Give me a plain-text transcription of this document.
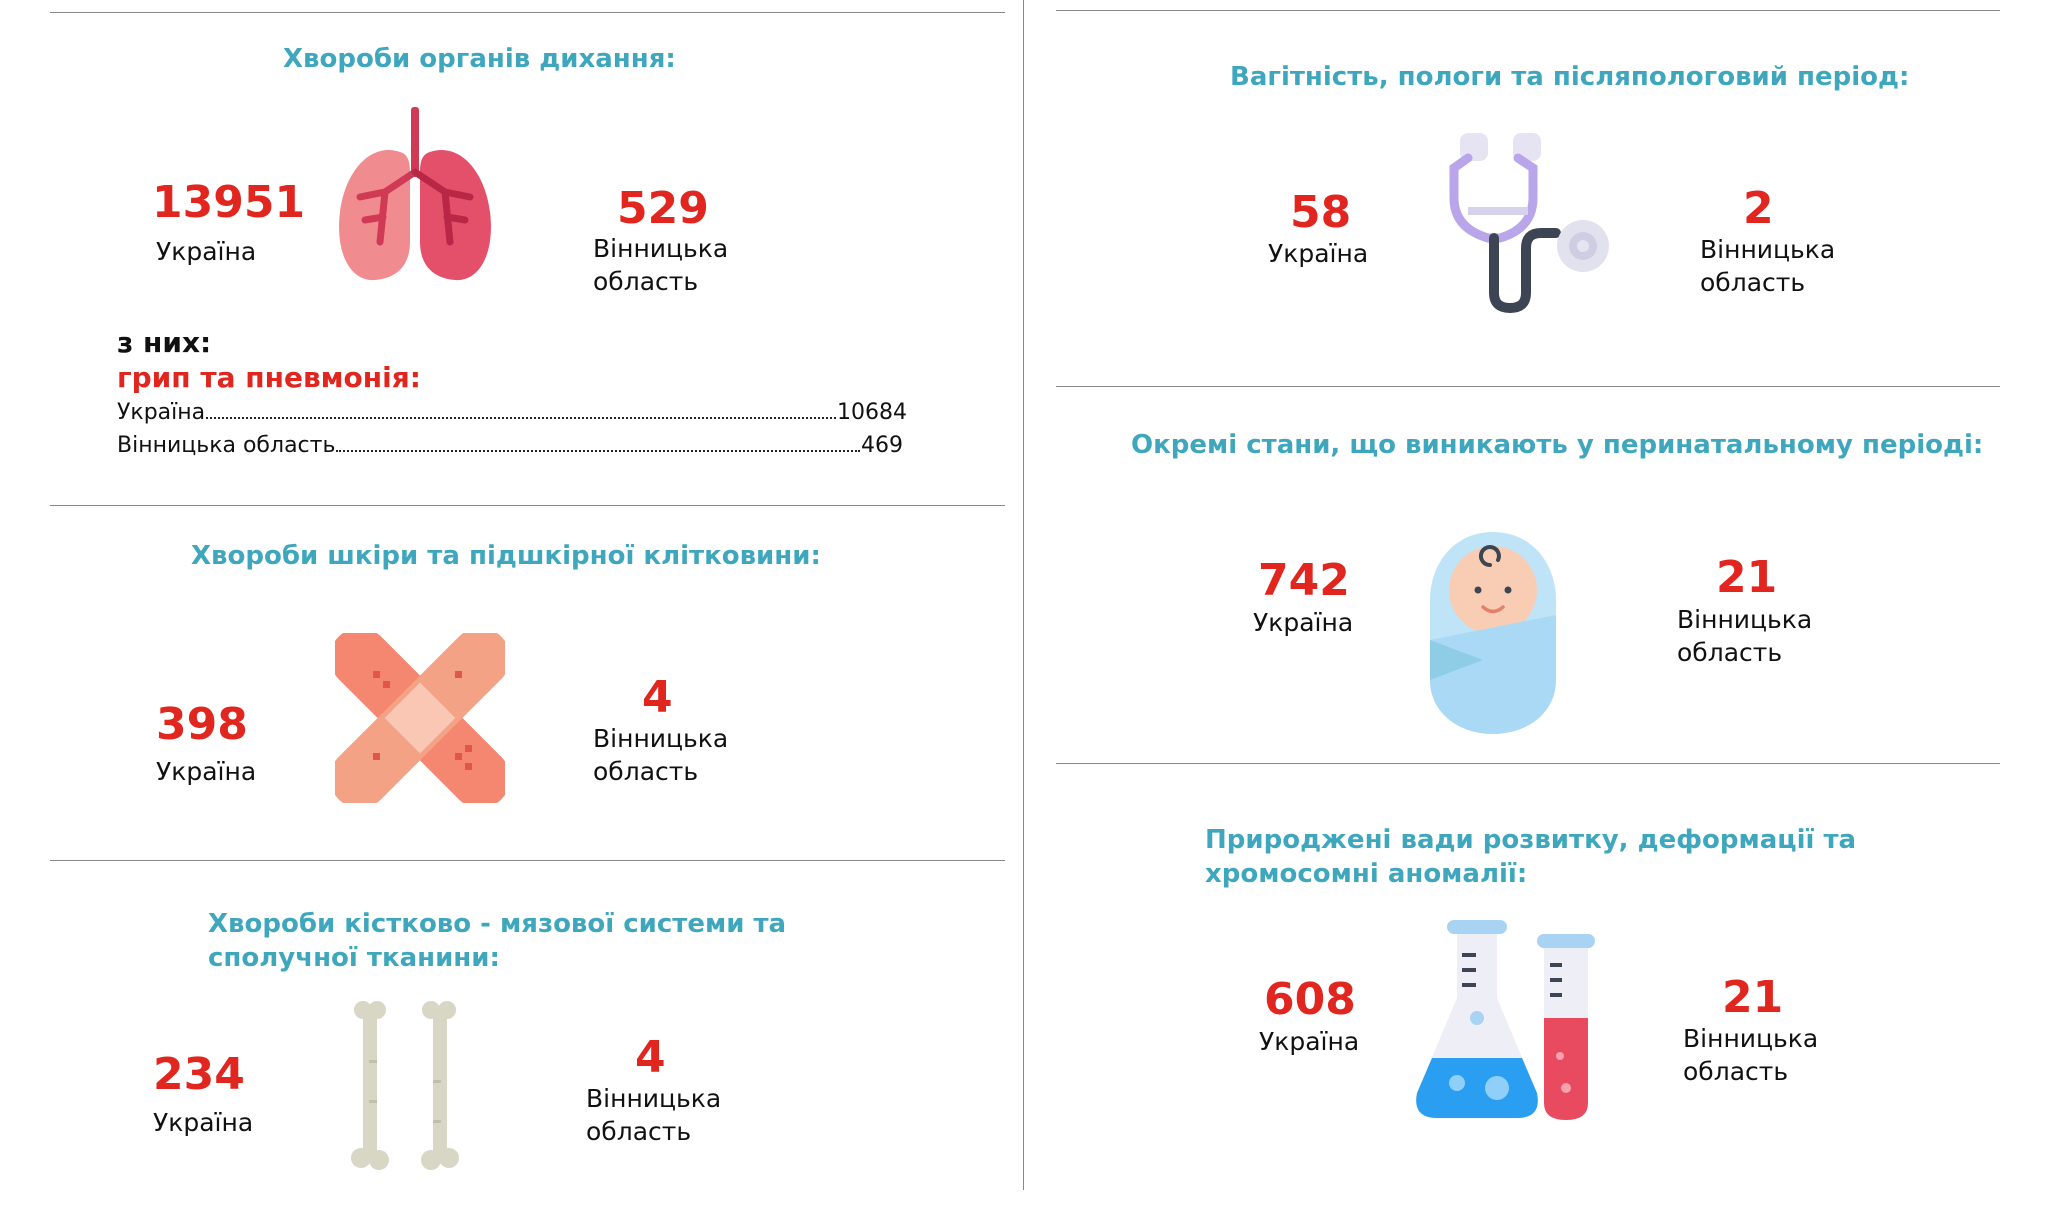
Хвороби органів дихання:
13951
Україна
529
Вінницька
область
з них:
грип та пневмонія:
Україна	10684
Вінницька область	469
Хвороби шкіри та підшкірної клітковини:
398
Україна
4
Вінницька
область
Хвороби кістково - мязової системи та
сполучної тканини:
234
Україна
4
Вінницька
область
Вагітність, пологи та післяпологовий період:
58
Україна
2
Вінницька
область
Окремі стани, що виникають у перинатальному періоді:
742
Україна
21
Вінницька
область
Природжені вади розвитку, деформації та
хромосомні аномалії:
608
Україна
21
Вінницька
область
